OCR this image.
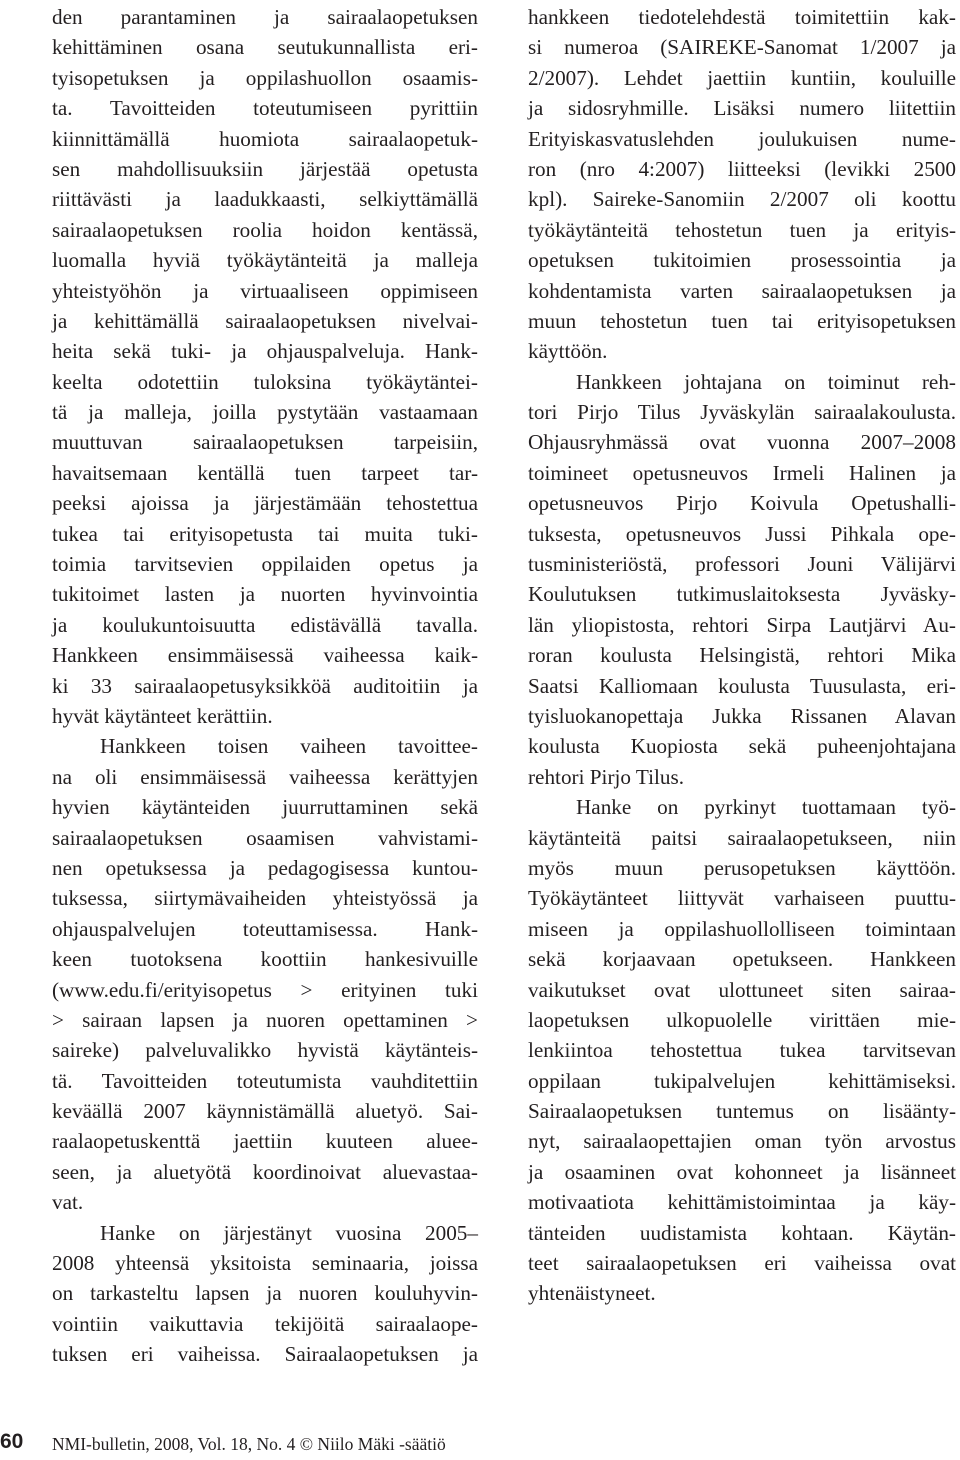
den parantaminen ja sairaalaopetuksen
kehittäminen osana seutukunnallista eri-
tyisopetuksen ja oppilashuollon osaamis-
ta. Tavoitteiden toteutumiseen pyrittiin
kiinnittämällä huomiota sairaalaopetuk-
sen mahdollisuuksiin järjestää opetusta
riittävästi ja laadukkaasti, selkiyttämällä
sairaalaopetuksen roolia hoidon kentässä,
luomalla hyviä työkäytänteitä ja malleja
yhteistyöhön ja virtuaaliseen oppimiseen
ja kehittämällä sairaalaopetuksen nivelvai-
heita sekä tuki- ja ohjauspalveluja. Hank-
keelta odotettiin tuloksina työkäytäntei-
tä ja malleja, joilla pystytään vastaamaan
muuttuvan sairaalaopetuksen tarpeisiin,
havaitsemaan kentällä tuen tarpeet tar-
peeksi ajoissa ja järjestämään tehostettua
tukea tai erityisopetusta tai muita tuki-
toimia tarvitsevien oppilaiden opetus ja
tukitoimet lasten ja nuorten hyvinvointia
ja koulukuntoisuutta edistävällä tavalla.
Hankkeen ensimmäisessä vaiheessa kaik-
ki 33 sairaalaopetusyksikköä auditoitiin ja
hyvät käytänteet kerättiin.
Hankkeen toisen vaiheen tavoittee-
na oli ensimmäisessä vaiheessa kerättyjen
hyvien käytänteiden juurruttaminen sekä
sairaalaopetuksen osaamisen vahvistami-
nen opetuksessa ja pedagogisessa kuntou-
tuksessa, siirtymävaiheiden yhteistyössä ja
ohjauspalvelujen toteuttamisessa. Hank-
keen tuotoksena koottiin hankesivuille
(www.edu.fi/erityisopetus > erityinen tuki
> sairaan lapsen ja nuoren opettaminen >
saireke) palveluvalikko hyvistä käytänteis-
tä. Tavoitteiden toteutumista vauhditettiin
keväällä 2007 käynnistämällä aluetyö. Sai-
raalaopetuskenttä jaettiin kuuteen aluee-
seen, ja aluetyötä koordinoivat aluevastaa-
vat.
Hanke on järjestänyt vuosina 2005–
2008 yhteensä yksitoista seminaaria, joissa
on tarkasteltu lapsen ja nuoren kouluhyvin-
vointiin vaikuttavia tekijöitä sairaalaope-
tuksen eri vaiheissa. Sairaalaopetuksen ja
hankkeen tiedotelehdestä toimitettiin kak-
si numeroa (SAIREKE-Sanomat 1/2007 ja
2/2007). Lehdet jaettiin kuntiin, kouluille
ja sidosryhmille. Lisäksi numero liitettiin
Erityiskasvatuslehden joulukuisen nume-
ron (nro 4:2007) liitteeksi (levikki 2500
kpl). Saireke-Sanomiin 2/2007 oli koottu
työkäytänteitä tehostetun tuen ja erityis-
opetuksen tukitoimien prosessointia ja
kohdentamista varten sairaalaopetuksen ja
muun tehostetun tuen tai erityisopetuksen
käyttöön.
Hankkeen johtajana on toiminut reh-
tori Pirjo Tilus Jyväskylän sairaalakoulusta.
Ohjausryhmässä ovat vuonna 2007–2008
toimineet opetusneuvos Irmeli Halinen ja
opetusneuvos Pirjo Koivula Opetushalli-
tuksesta, opetusneuvos Jussi Pihkala ope-
tusministeriöstä, professori Jouni Välijärvi
Koulutuksen tutkimuslaitoksesta Jyväsky-
län yliopistosta, rehtori Sirpa Lautjärvi Au-
roran koulusta Helsingistä, rehtori Mika
Saatsi Kalliomaan koulusta Tuusulasta, eri-
tyisluokanopettaja Jukka Rissanen Alavan
koulusta Kuopiosta sekä puheenjohtajana
rehtori Pirjo Tilus.
Hanke on pyrkinyt tuottamaan työ-
käytänteitä paitsi sairaalaopetukseen, niin
myös muun perusopetuksen käyttöön.
Työkäytänteet liittyvät varhaiseen puuttu-
miseen ja oppilashuollolliseen toimintaan
sekä korjaavaan opetukseen. Hankkeen
vaikutukset ovat ulottuneet siten sairaa-
laopetuksen ulkopuolelle virittäen mie-
lenkiintoa tehostettua tukea tarvitsevan
oppilaan tukipalvelujen kehittämiseksi.
Sairaalaopetuksen tuntemus on lisäänty-
nyt, sairaalaopettajien oman työn arvostus
ja osaaminen ovat kohonneet ja lisänneet
motivaatiota kehittämistoimintaa ja käy-
tänteiden uudistamista kohtaan. Käytän-
teet sairaalaopetuksen eri vaiheissa ovat
yhtenäistyneet.
60 NMI-bulletin, 2008, Vol. 18, No. 4 © Niilo Mäki -säätiö
